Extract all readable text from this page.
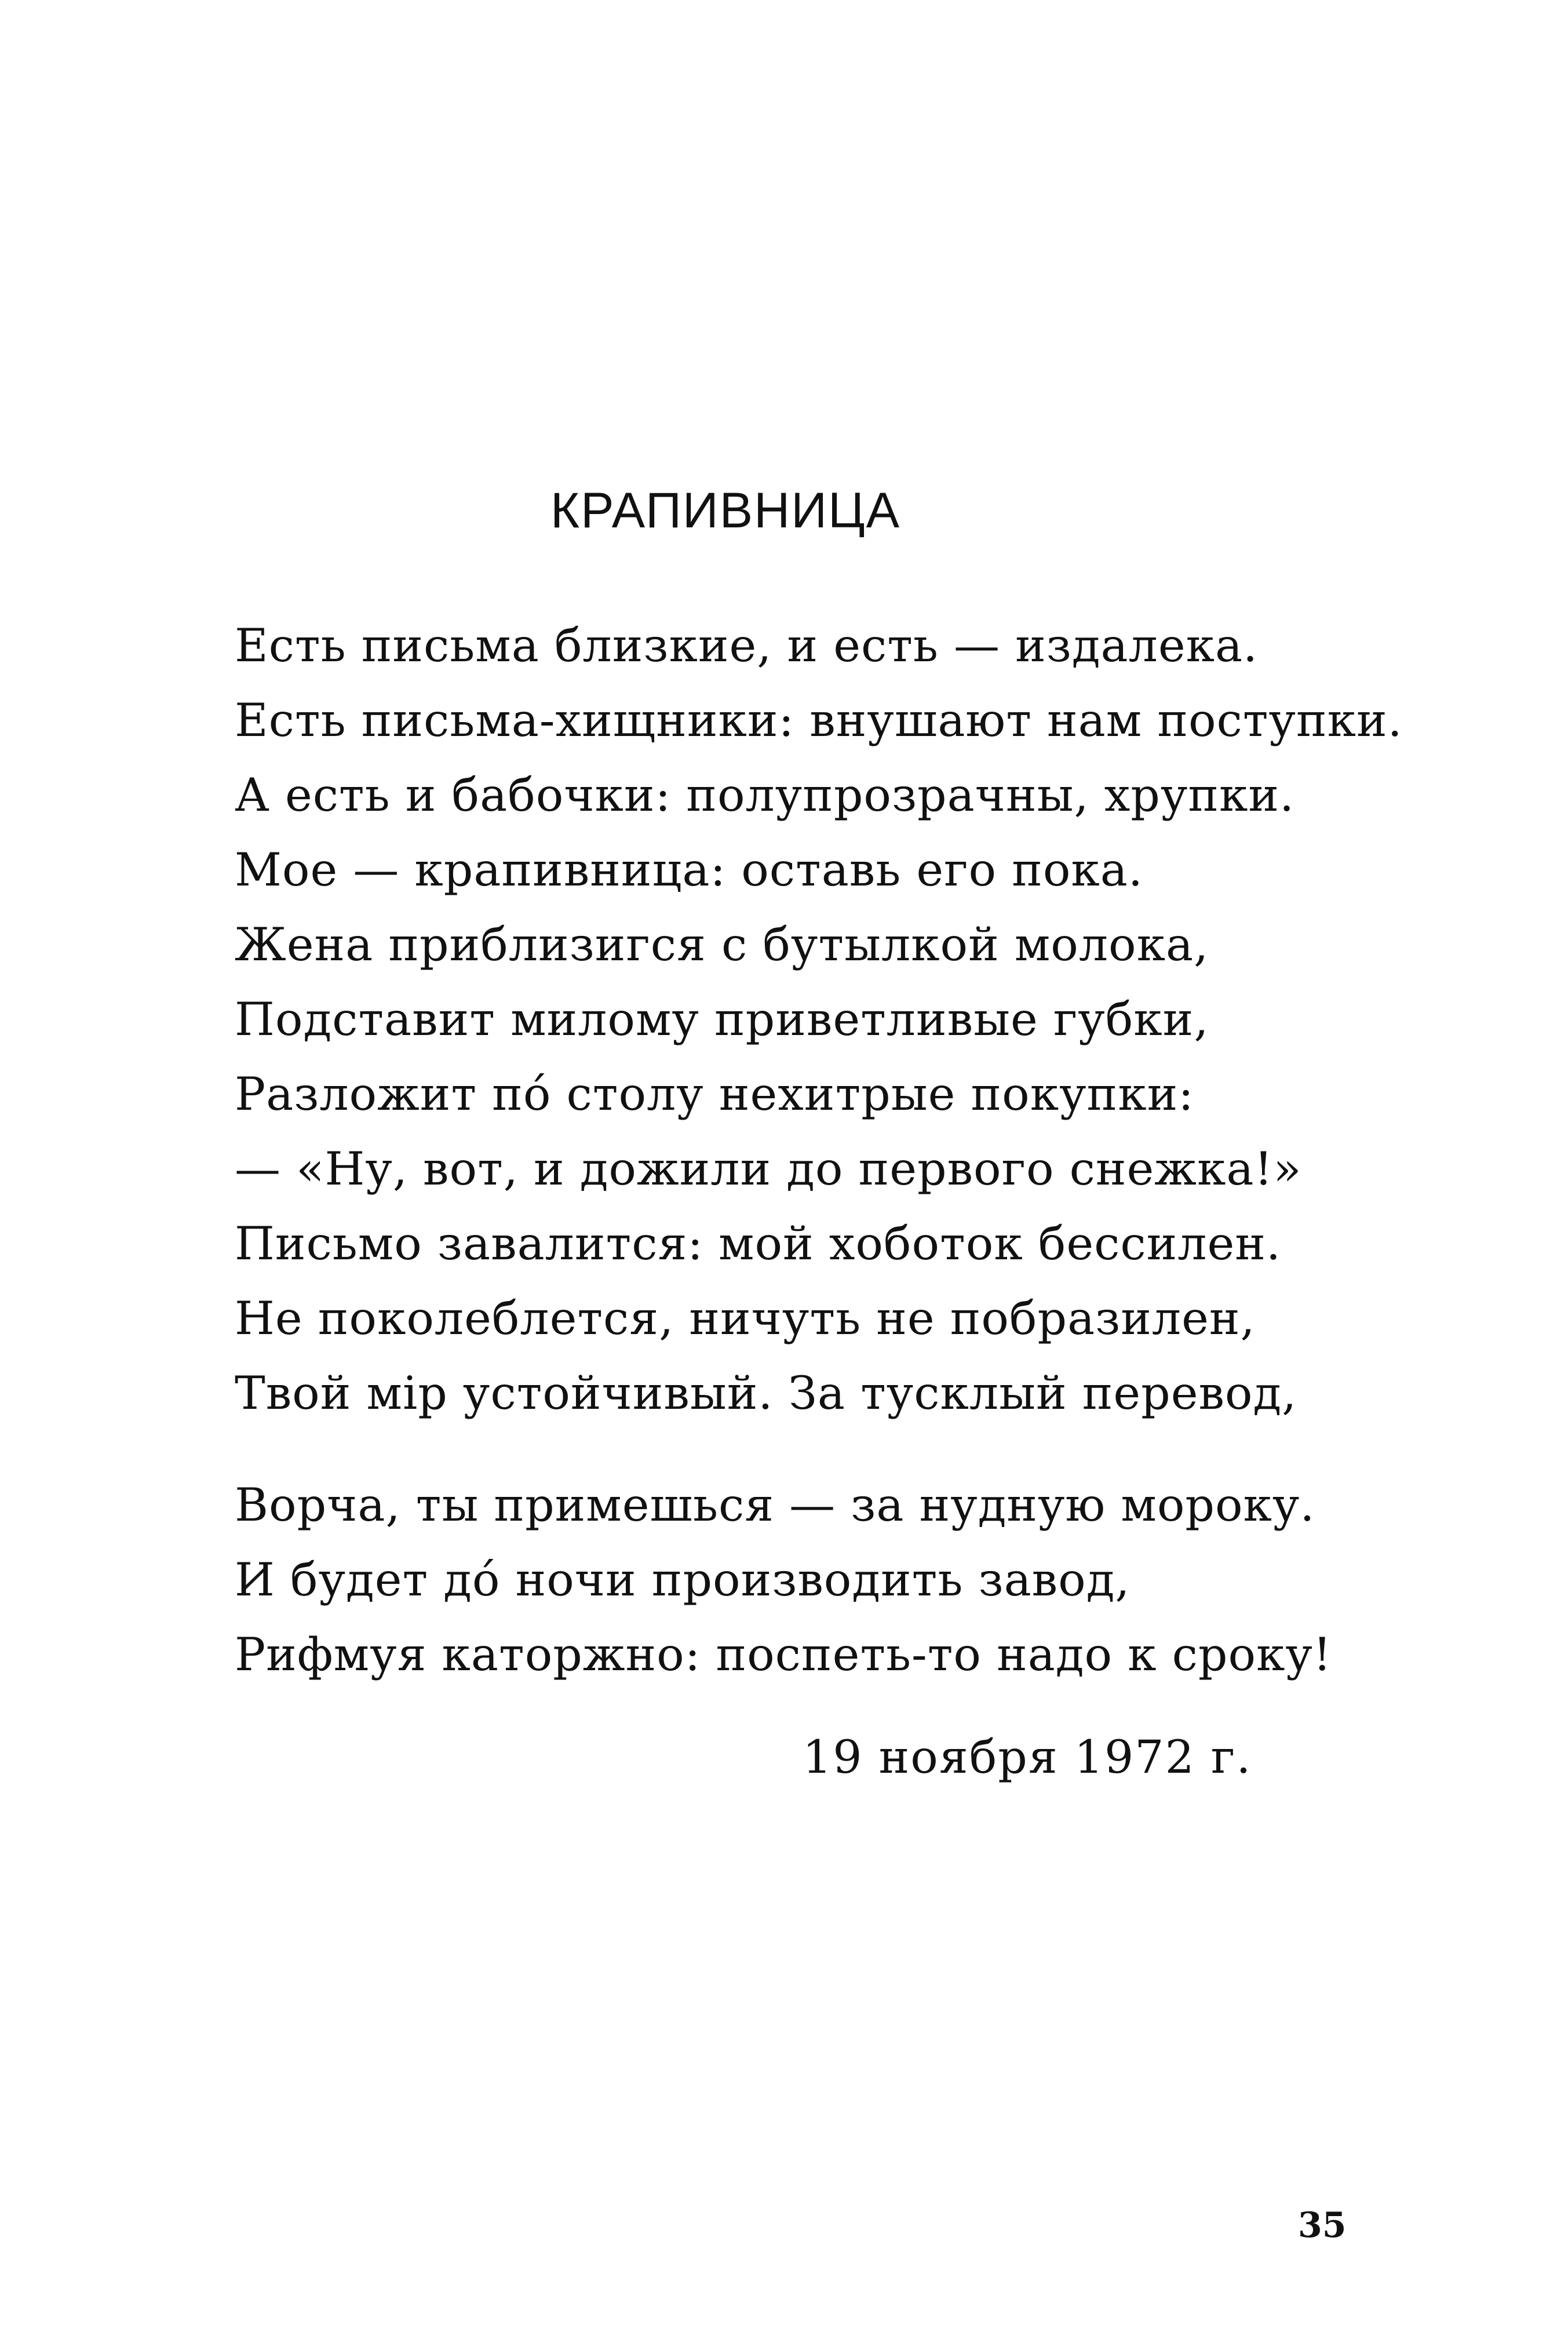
КРАПИВНИЦА
Есть письма близкие, и есть — издалека.
Есть письма-хищники: внушают нам поступки.
А есть и бабочки: полупрозрачны, хрупки.
Мое — крапивница: оставь его пока.
Жена приблизигся с бутылкой молока,
Подставит милому приветливые губки,
Разложит пó столу нехитрые покупки:
— «Ну, вот, и дожили до первого снежка!»
Письмо завалится: мой хоботок бессилен.
Не поколеблется, ничуть не побразилен,
Твой мір устойчивый. За тусклый перевод,
Ворча, ты примешься — за нудную мороку.
И будет дó ночи производить завод,
Рифмуя каторжно: поспеть-то надо к сроку!
19 ноября 1972 г.
35
